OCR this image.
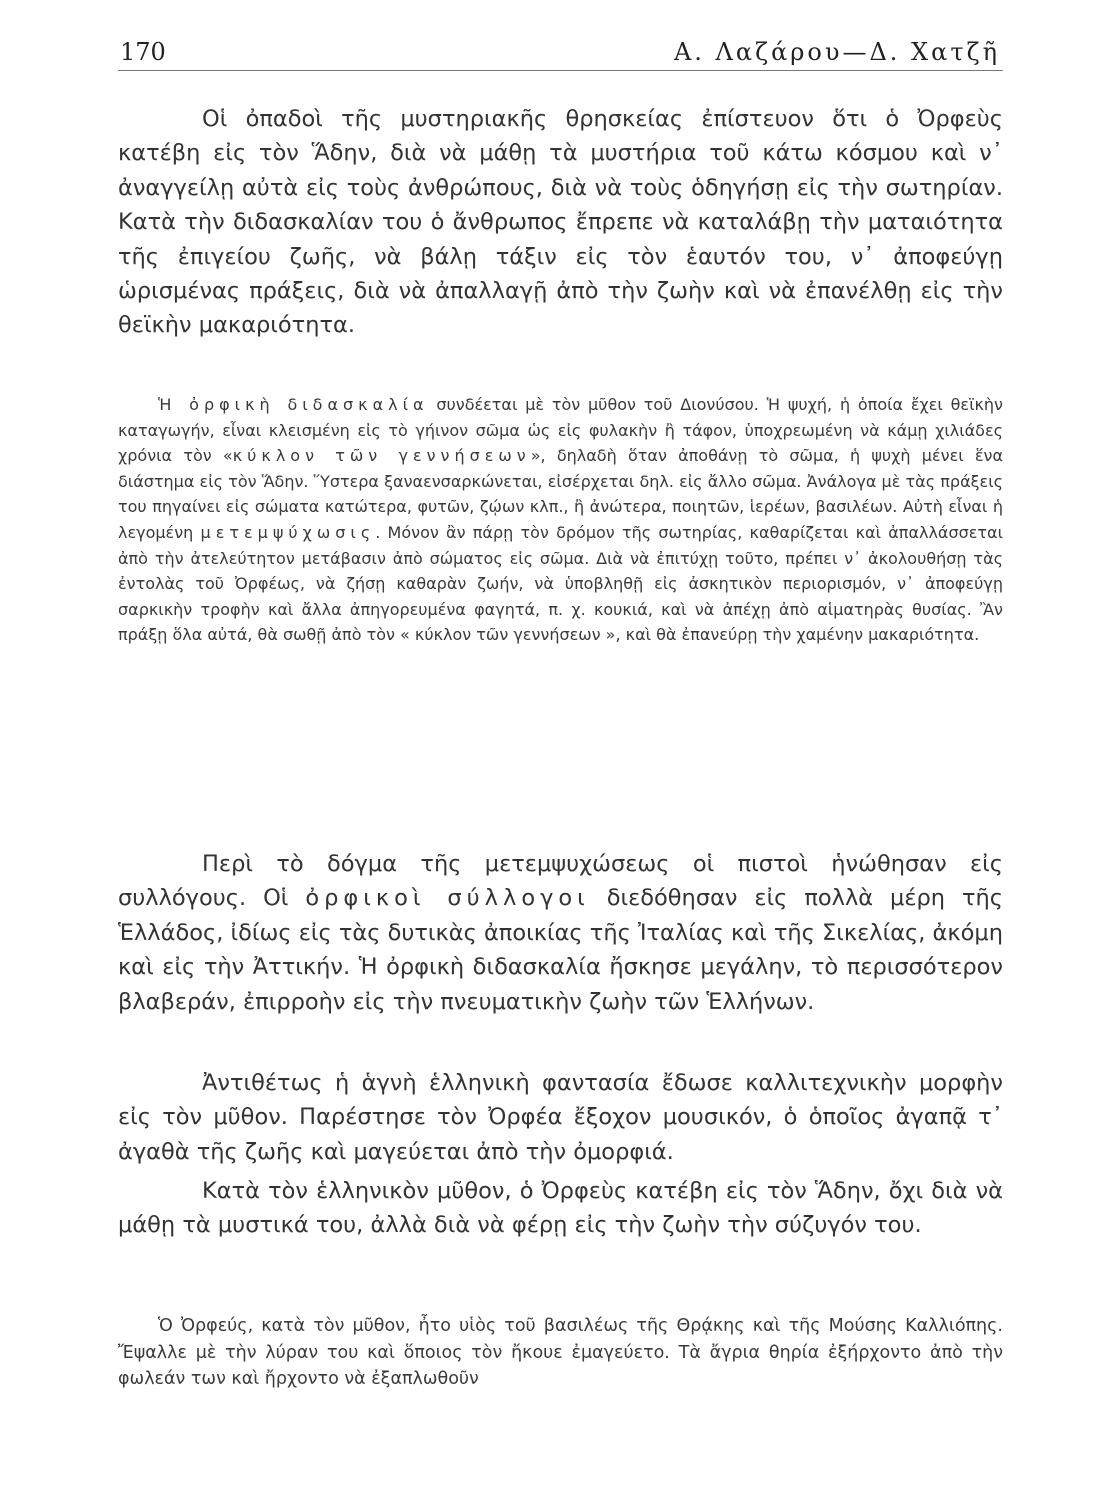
170	Α. Λαζάρου—Δ. Χατζῆ

Οἱ ὀπαδοὶ τῆς μυστηριακῆς θρησκείας ἐπίστευον ὅτι ὁ Ὀρφεὺς κατέβη εἰς τὸν Ἅδην, διὰ νὰ μάθῃ τὰ μυστήρια τοῦ κάτω κόσμου καὶ ν᾿ ἀναγγείλῃ αὐτὰ εἰς τοὺς ἀνθρώπους, διὰ νὰ τοὺς ὁδηγήσῃ εἰς τὴν σωτηρίαν. Κατὰ τὴν διδασκαλίαν του ὁ ἄνθρωπος ἔπρεπε νὰ καταλάβῃ τὴν ματαιότητα τῆς ἐπιγείου ζωῆς, νὰ βάλῃ τάξιν εἰς τὸν ἑαυτόν του, ν᾿ ἀποφεύγῃ ὡρισμένας πράξεις, διὰ νὰ ἀπαλλαγῇ ἀπὸ τὴν ζωὴν καὶ νὰ ἐπανέλθῃ εἰς τὴν θεϊκὴν μακαριότητα.

Ἡ ὀρφικὴ διδασκαλία συνδέεται μὲ τὸν μῦθον τοῦ Διονύσου. Ἡ ψυχή, ἡ ὁποία ἔχει θεϊκὴν καταγωγήν, εἶναι κλεισμένη εἰς τὸ γήινον σῶμα ὡς εἰς φυλακὴν ἢ τάφον, ὑποχρεωμένη νὰ κάμῃ χιλιάδες χρόνια τὸν «κύκλον τῶν γεννήσεων», δηλαδὴ ὅταν ἀποθάνῃ τὸ σῶμα, ἡ ψυχὴ μένει ἕνα διάστημα εἰς τὸν Ἅδην. Ὕστερα ξαναενσαρκώνεται, εἰσέρχεται δηλ. εἰς ἄλλο σῶμα. Ἀνάλογα μὲ τὰς πράξεις του πηγαίνει εἰς σώματα κατώτερα, φυτῶν, ζῴων κλπ., ἢ ἀνώτερα, ποιητῶν, ἱερέων, βασιλέων. Αὐτὴ εἶναι ἡ λεγομένη μετεμψύχωσις. Μόνον ἂν πάρῃ τὸν δρόμον τῆς σωτηρίας, καθαρίζεται καὶ ἀπαλλάσσεται ἀπὸ τὴν ἀτελεύτητον μετάβασιν ἀπὸ σώματος εἰς σῶμα. Διὰ νὰ ἐπιτύχῃ τοῦτο, πρέπει ν᾿ ἀκολουθήσῃ τὰς ἐντολὰς τοῦ Ὀρφέως, νὰ ζήσῃ καθαρὰν ζωήν, νὰ ὑποβληθῇ εἰς ἀσκητικὸν περιορισμόν, ν᾿ ἀποφεύγῃ σαρκικὴν τροφὴν καὶ ἄλλα ἀπηγορευμένα φαγητά, π. χ. κουκιά, καὶ νὰ ἀπέχῃ ἀπὸ αἱματηρὰς θυσίας. Ἂν πράξῃ ὅλα αὐτά, θὰ σωθῇ ἀπὸ τὸν « κύκλον τῶν γεννήσεων », καὶ θὰ ἐπανεύρῃ τὴν χαμένην μακαριότητα.

Περὶ τὸ δόγμα τῆς μετεμψυχώσεως οἱ πιστοὶ ἡνώθησαν εἰς συλλόγους. Οἱ ὀρφικοὶ σύλλογοι διεδόθησαν εἰς πολλὰ μέρη τῆς Ἑλλάδος, ἰδίως εἰς τὰς δυτικὰς ἀποικίας τῆς Ἰταλίας καὶ τῆς Σικελίας, ἀκόμη καὶ εἰς τὴν Ἀττικήν. Ἡ ὀρφικὴ διδασκαλία ἤσκησε μεγάλην, τὸ περισσότερον βλαβεράν, ἐπιρροὴν εἰς τὴν πνευματικὴν ζωὴν τῶν Ἑλλήνων.

Ἀντιθέτως ἡ ἁγνὴ ἑλληνικὴ φαντασία ἔδωσε καλλιτεχνικὴν μορφὴν εἰς τὸν μῦθον. Παρέστησε τὸν Ὀρφέα ἔξοχον μουσικόν, ὁ ὁποῖος ἀγαπᾷ τ᾿ ἀγαθὰ τῆς ζωῆς καὶ μαγεύεται ἀπὸ τὴν ὀμορφιά.

Κατὰ τὸν ἑλληνικὸν μῦθον, ὁ Ὀρφεὺς κατέβη εἰς τὸν Ἅδην, ὄχι διὰ νὰ μάθῃ τὰ μυστικά του, ἀλλὰ διὰ νὰ φέρῃ εἰς τὴν ζωὴν τὴν σύζυγόν του.

Ὁ Ὀρφεύς, κατὰ τὸν μῦθον, ἦτο υἱὸς τοῦ βασιλέως τῆς Θρᾴκης καὶ τῆς Μούσης Καλλιόπης. Ἔψαλλε μὲ τὴν λύραν του καὶ ὅποιος τὸν ἤκουε ἐμαγεύετο. Τὰ ἄγρια θηρία ἐξήρχοντο ἀπὸ τὴν φωλεάν των καὶ ἤρχοντο νὰ ἐξαπλωθοῦν
